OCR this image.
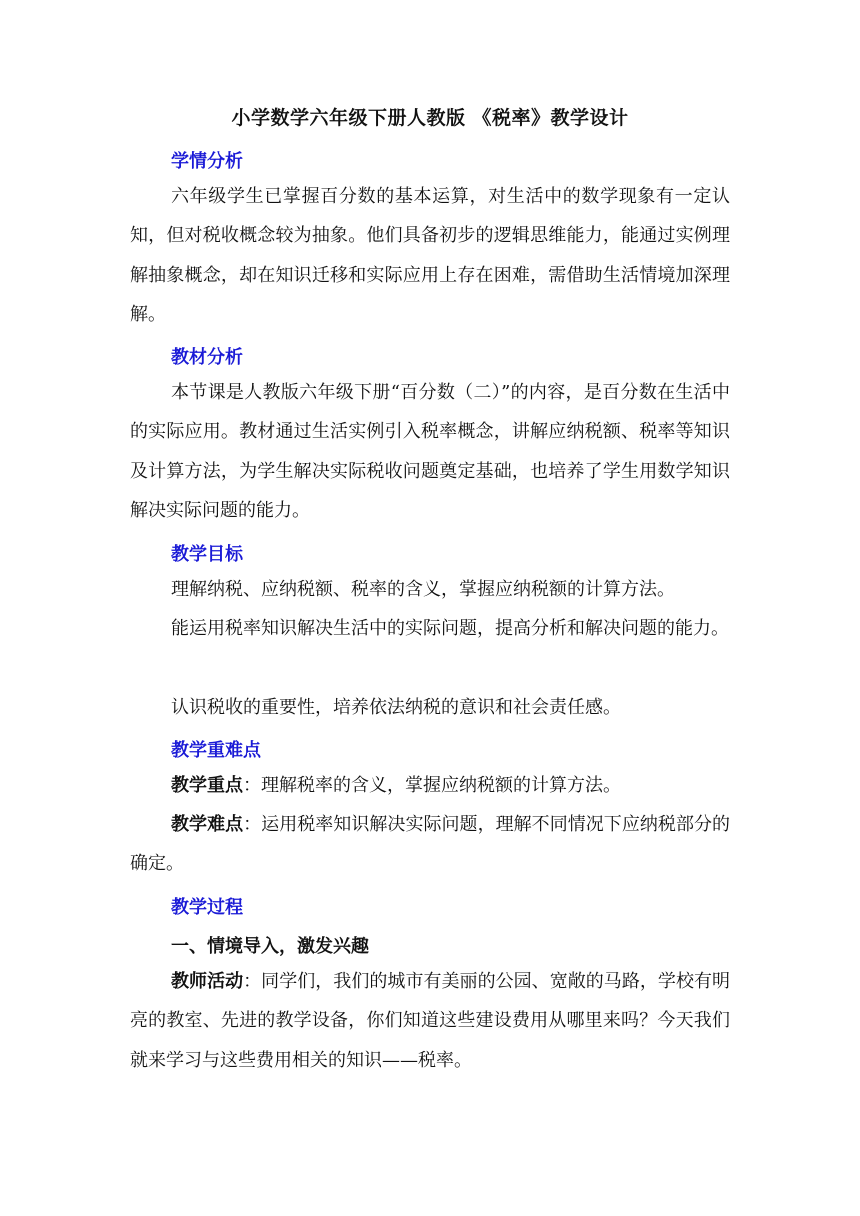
小学数学六年级下册人教版 《税率》教学设计
学情分析
六年级学生已掌握百分数的基本运算，对生活中的数学现象有一定认知，但对税收概念较为抽象。他们具备初步的逻辑思维能力，能通过实例理解抽象概念，却在知识迁移和实际应用上存在困难，需借助生活情境加深理解。
教材分析
本节课是人教版六年级下册“百分数（二）”的内容，是百分数在生活中的实际应用。教材通过生活实例引入税率概念，讲解应纳税额、税率等知识及计算方法，为学生解决实际税收问题奠定基础，也培养了学生用数学知识解决实际问题的能力。
教学目标
理解纳税、应纳税额、税率的含义，掌握应纳税额的计算方法。
能运用税率知识解决生活中的实际问题，提高分析和解决问题的能力。
认识税收的重要性，培养依法纳税的意识和社会责任感。
教学重难点
教学重点：理解税率的含义，掌握应纳税额的计算方法。
教学难点：运用税率知识解决实际问题，理解不同情况下应纳税部分的确定。
教学过程
一、情境导入，激发兴趣
教师活动：同学们，我们的城市有美丽的公园、宽敞的马路，学校有明亮的教室、先进的教学设备，你们知道这些建设费用从哪里来吗？今天我们就来学习与这些费用相关的知识——税率。
